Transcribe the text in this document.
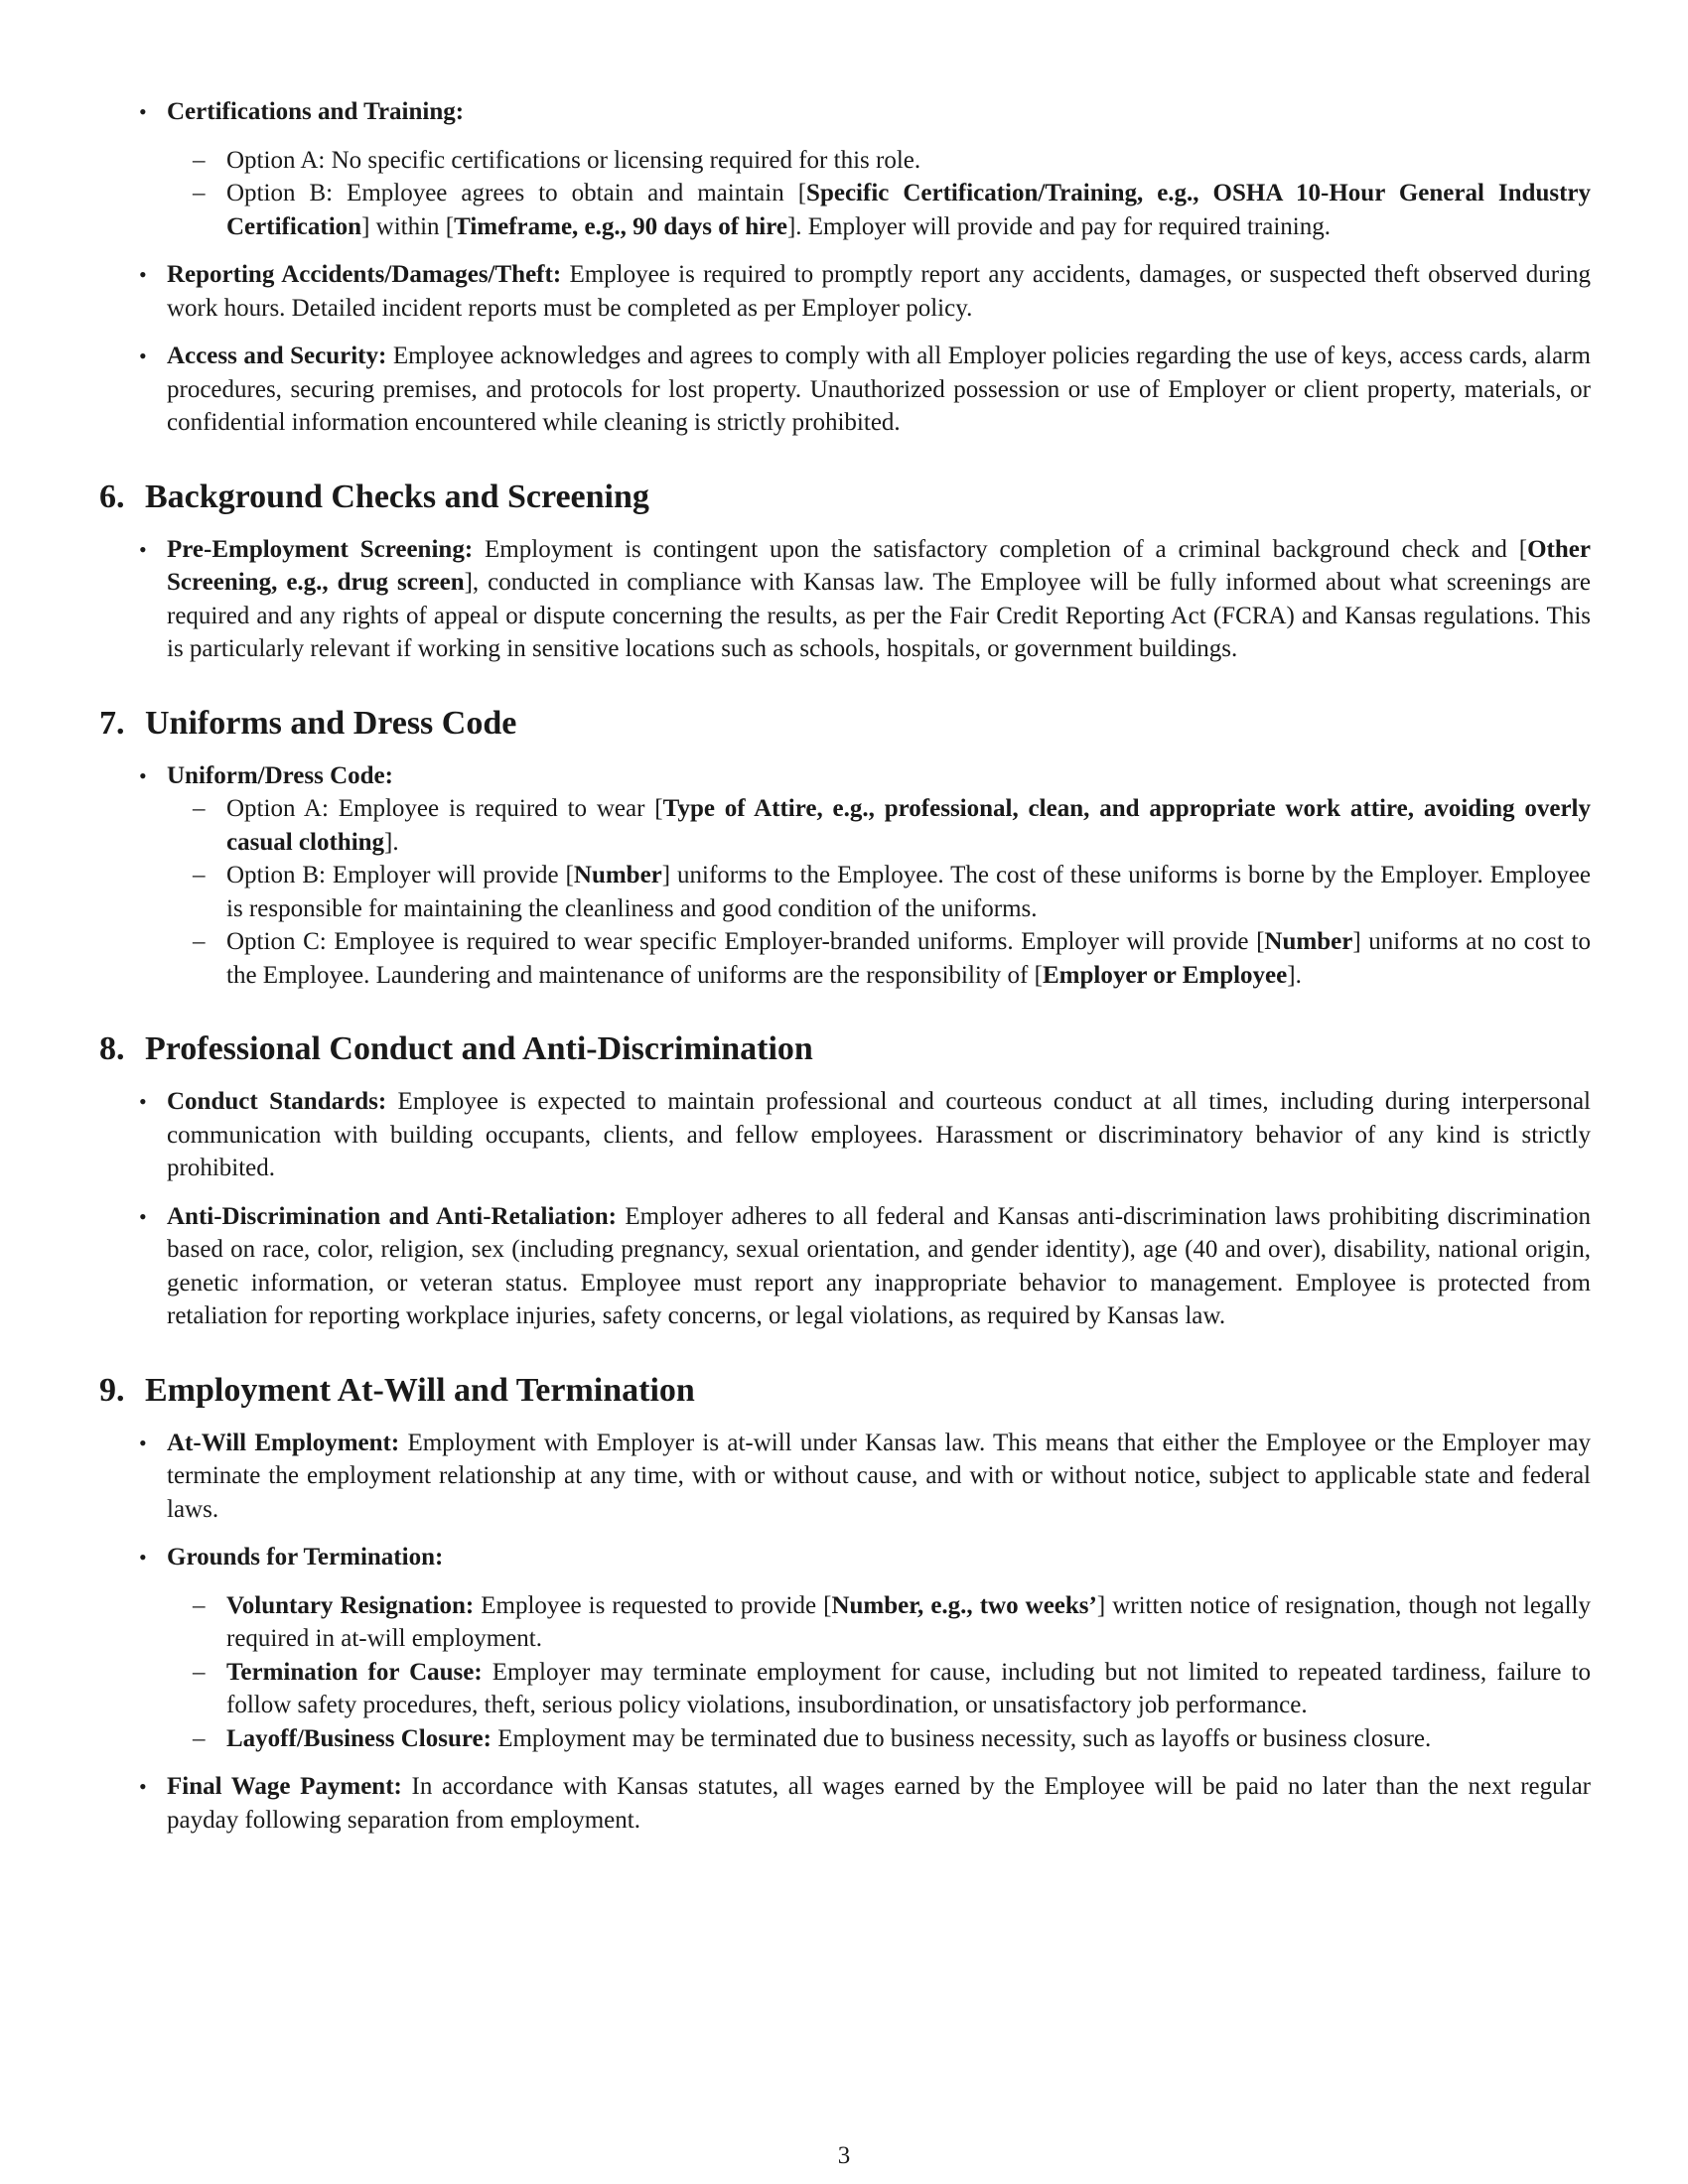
• Certifications and Training:
– Option A: No specific certifications or licensing required for this role.
– Option B: Employee agrees to obtain and maintain [Specific Certification/Training, e.g., OSHA 10-Hour General Industry Certification] within [Timeframe, e.g., 90 days of hire]. Employer will provide and pay for required training.
• Reporting Accidents/Damages/Theft: Employee is required to promptly report any accidents, damages, or suspected theft observed during work hours. Detailed incident reports must be completed as per Employer policy.
• Access and Security: Employee acknowledges and agrees to comply with all Employer policies regarding the use of keys, access cards, alarm procedures, securing premises, and protocols for lost property. Unauthorized possession or use of Employer or client property, materials, or confidential information encountered while cleaning is strictly prohibited.
6. Background Checks and Screening
• Pre-Employment Screening: Employment is contingent upon the satisfactory completion of a criminal background check and [Other Screening, e.g., drug screen], conducted in compliance with Kansas law. The Employee will be fully informed about what screenings are required and any rights of appeal or dispute concerning the results, as per the Fair Credit Reporting Act (FCRA) and Kansas regulations. This is particularly relevant if working in sensitive locations such as schools, hospitals, or government buildings.
7. Uniforms and Dress Code
• Uniform/Dress Code:
– Option A: Employee is required to wear [Type of Attire, e.g., professional, clean, and appropriate work attire, avoiding overly casual clothing].
– Option B: Employer will provide [Number] uniforms to the Employee. The cost of these uniforms is borne by the Employer. Employee is responsible for maintaining the cleanliness and good condition of the uniforms.
– Option C: Employee is required to wear specific Employer-branded uniforms. Employer will provide [Number] uniforms at no cost to the Employee. Laundering and maintenance of uniforms are the responsibility of [Employer or Employee].
8. Professional Conduct and Anti-Discrimination
• Conduct Standards: Employee is expected to maintain professional and courteous conduct at all times, including during interpersonal communication with building occupants, clients, and fellow employees. Harassment or discriminatory behavior of any kind is strictly prohibited.
• Anti-Discrimination and Anti-Retaliation: Employer adheres to all federal and Kansas anti-discrimination laws prohibiting discrimination based on race, color, religion, sex (including pregnancy, sexual orientation, and gender identity), age (40 and over), disability, national origin, genetic information, or veteran status. Employee must report any inappropriate behavior to management. Employee is protected from retaliation for reporting workplace injuries, safety concerns, or legal violations, as required by Kansas law.
9. Employment At-Will and Termination
• At-Will Employment: Employment with Employer is at-will under Kansas law. This means that either the Employee or the Employer may terminate the employment relationship at any time, with or without cause, and with or without notice, subject to applicable state and federal laws.
• Grounds for Termination:
– Voluntary Resignation: Employee is requested to provide [Number, e.g., two weeks’] written notice of resignation, though not legally required in at-will employment.
– Termination for Cause: Employer may terminate employment for cause, including but not limited to repeated tardiness, failure to follow safety procedures, theft, serious policy violations, insubordination, or unsatisfactory job performance.
– Layoff/Business Closure: Employment may be terminated due to business necessity, such as layoffs or business closure.
• Final Wage Payment: In accordance with Kansas statutes, all wages earned by the Employee will be paid no later than the next regular payday following separation from employment.
3
